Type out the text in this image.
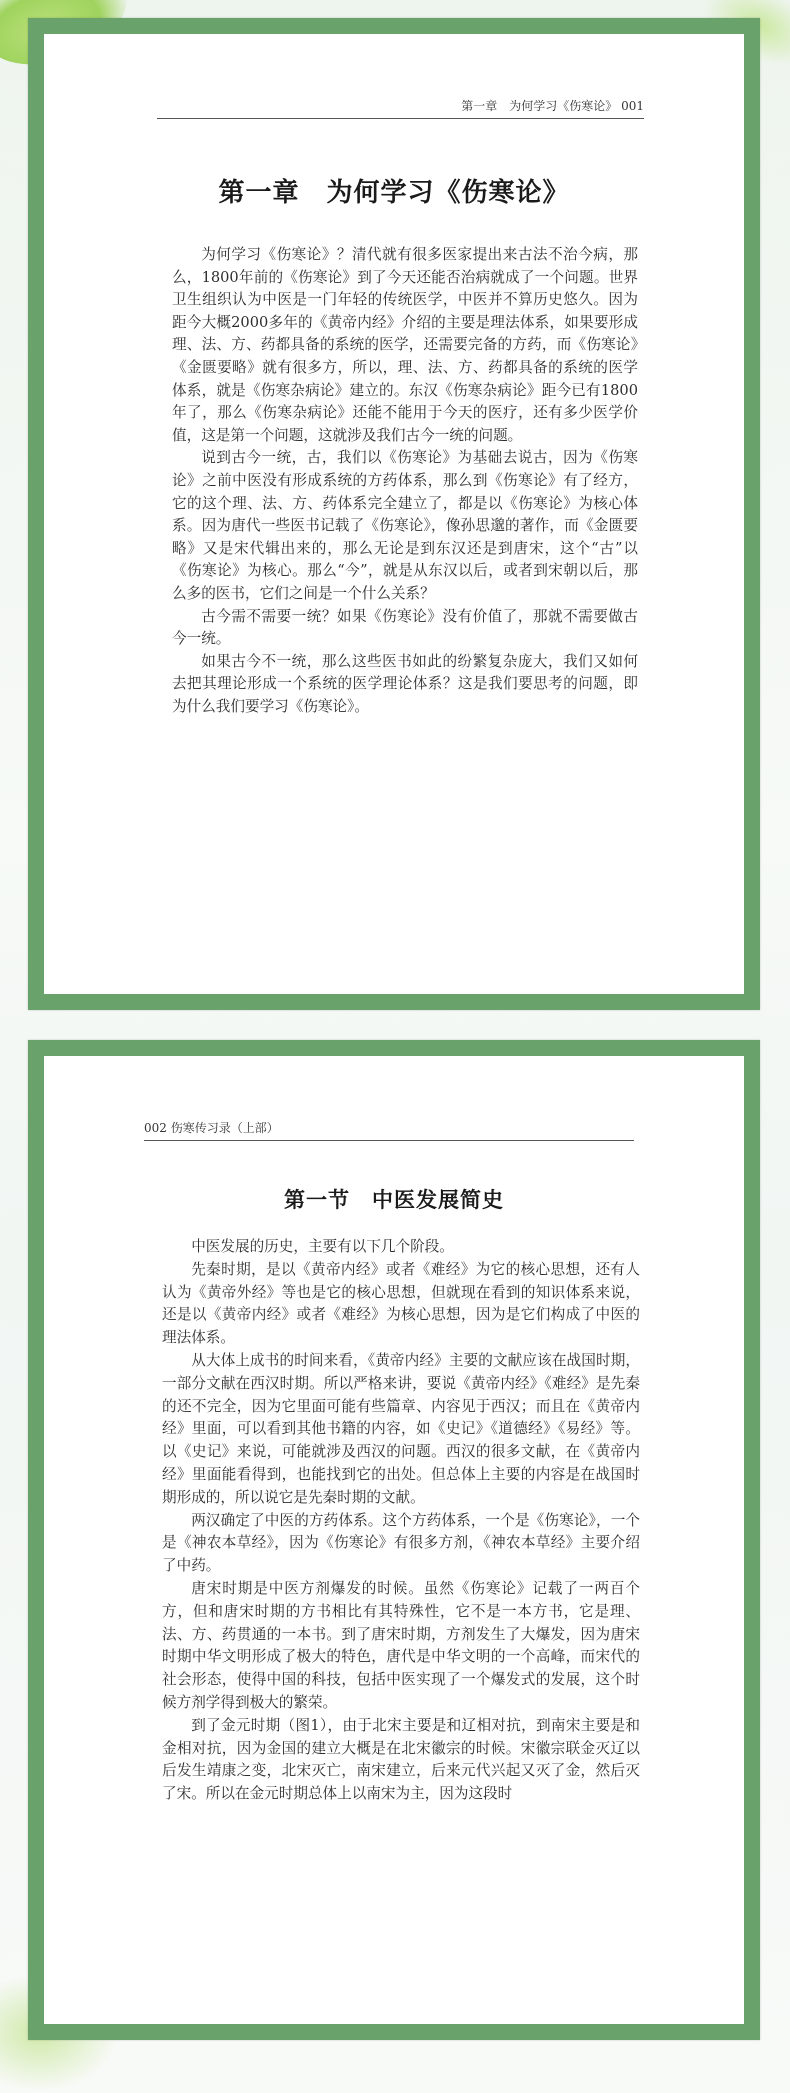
第一章　为何学习《伤寒论》 001
第一章　为何学习《伤寒论》

为何学习《伤寒论》？清代就有很多医家提出来古法不治今病，那么，1800年前的《伤寒论》到了今天还能否治病就成了一个问题。世界卫生组织认为中医是一门年轻的传统医学，中医并不算历史悠久。因为距今大概2000多年的《黄帝内经》介绍的主要是理法体系，如果要形成理、法、方、药都具备的系统的医学，还需要完备的方药，而《伤寒论》《金匮要略》就有很多方，所以，理、法、方、药都具备的系统的医学体系，就是《伤寒杂病论》建立的。东汉《伤寒杂病论》距今已有1800年了，那么《伤寒杂病论》还能不能用于今天的医疗，还有多少医学价值，这是第一个问题，这就涉及我们古今一统的问题。

说到古今一统，古，我们以《伤寒论》为基础去说古，因为《伤寒论》之前中医没有形成系统的方药体系，那么到《伤寒论》有了经方，它的这个理、法、方、药体系完全建立了，都是以《伤寒论》为核心体系。因为唐代一些医书记载了《伤寒论》，像孙思邈的著作，而《金匮要略》又是宋代辑出来的，那么无论是到东汉还是到唐宋，这个“古”以《伤寒论》为核心。那么“今”，就是从东汉以后，或者到宋朝以后，那么多的医书，它们之间是一个什么关系？

古今需不需要一统？如果《伤寒论》没有价值了，那就不需要做古今一统。

如果古今不一统，那么这些医书如此的纷繁复杂庞大，我们又如何去把其理论形成一个系统的医学理论体系？这是我们要思考的问题，即为什么我们要学习《伤寒论》。

002 伤寒传习录（上部）
第一节　中医发展简史

中医发展的历史，主要有以下几个阶段。

先秦时期，是以《黄帝内经》或者《难经》为它的核心思想，还有人认为《黄帝外经》等也是它的核心思想，但就现在看到的知识体系来说，还是以《黄帝内经》或者《难经》为核心思想，因为是它们构成了中医的理法体系。

从大体上成书的时间来看，《黄帝内经》主要的文献应该在战国时期，一部分文献在西汉时期。所以严格来讲，要说《黄帝内经》《难经》是先秦的还不完全，因为它里面可能有些篇章、内容见于西汉；而且在《黄帝内经》里面，可以看到其他书籍的内容，如《史记》《道德经》《易经》等。以《史记》来说，可能就涉及西汉的问题。西汉的很多文献，在《黄帝内经》里面能看得到，也能找到它的出处。但总体上主要的内容是在战国时期形成的，所以说它是先秦时期的文献。

两汉确定了中医的方药体系。这个方药体系，一个是《伤寒论》，一个是《神农本草经》，因为《伤寒论》有很多方剂，《神农本草经》主要介绍了中药。

唐宋时期是中医方剂爆发的时候。虽然《伤寒论》记载了一两百个方，但和唐宋时期的方书相比有其特殊性，它不是一本方书，它是理、法、方、药贯通的一本书。到了唐宋时期，方剂发生了大爆发，因为唐宋时期中华文明形成了极大的特色，唐代是中华文明的一个高峰，而宋代的社会形态，使得中国的科技，包括中医实现了一个爆发式的发展，这个时候方剂学得到极大的繁荣。

到了金元时期（图1），由于北宋主要是和辽相对抗，到南宋主要是和金相对抗，因为金国的建立大概是在北宋徽宗的时候。宋徽宗联金灭辽以后发生靖康之变，北宋灭亡，南宋建立，后来元代兴起又灭了金，然后灭了宋。所以在金元时期总体上以南宋为主，因为这段时
